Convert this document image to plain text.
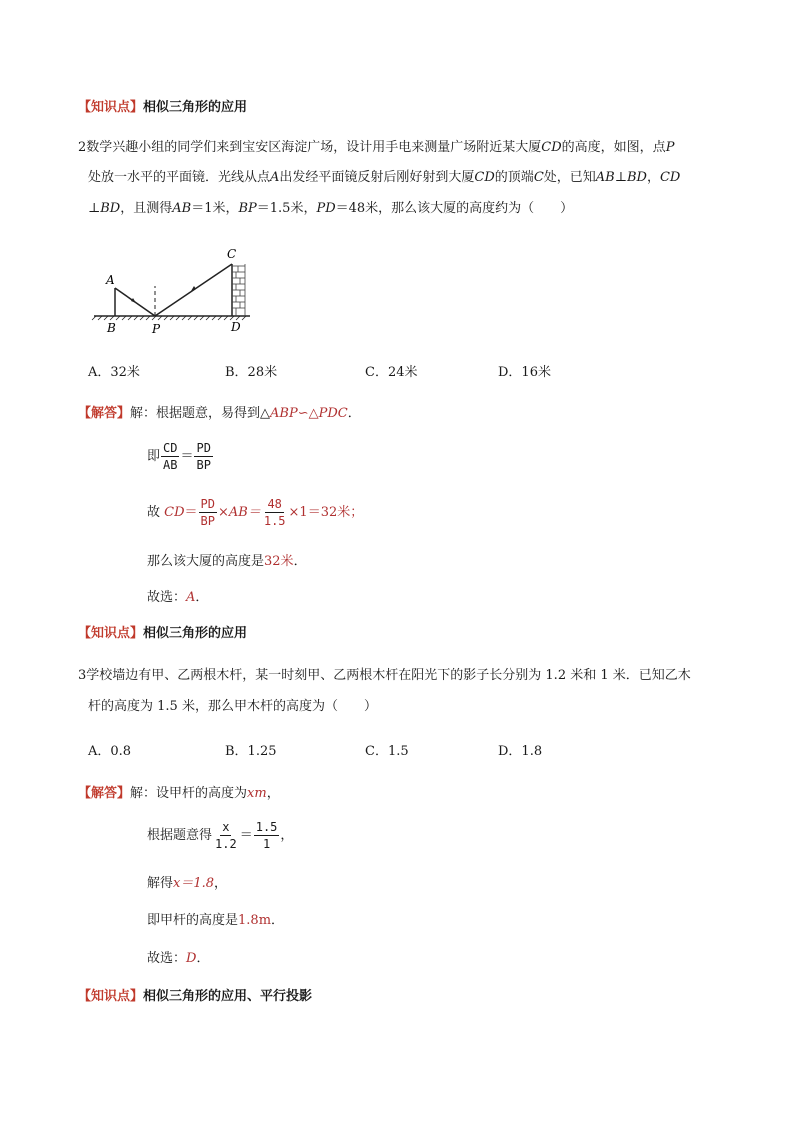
【知识点】相似三角形的应用
2数学兴趣小组的同学们来到宝安区海淀广场，设计用手电来测量广场附近某大厦CD的高度，如图，点P
处放一水平的平面镜．光线从点A出发经平面镜反射后刚好射到大厦CD的顶端C处，已知AB⊥BD，CD
⊥BD，且测得AB＝1米，BP＝1.5米，PD＝48米，那么该大厦的高度约为（　　）
A
B	P
C
D
A．32米	B．28米	C．24米	D．16米
【解答】解：根据题意，易得到△ABP∽△PDC．
即 $\frac{CD}{AB} = \frac{PD}{BP}$
故 $CD= \frac{PD}{BP} \times AB= \frac{48}{1.5} \times 1=32$米；
那么该大厦的高度是32米．
故选：A．
【知识点】相似三角形的应用
3学校墙边有甲、乙两根木杆，某一时刻甲、乙两根木杆在阳光下的影子长分别为 1.2 米和 1 米．已知乙木
杆的高度为 1.5 米，那么甲木杆的高度为（　　）
A．0.8	B．1.25	C．1.5	D．1.8
【解答】解：设甲杆的高度为xm，
根据题意得 $\frac{x}{1.2} = \frac{1.5}{1}$ ，
解得x＝1.8，
即甲杆的高度是1.8m．
故选：D．
【知识点】相似三角形的应用、平行投影
